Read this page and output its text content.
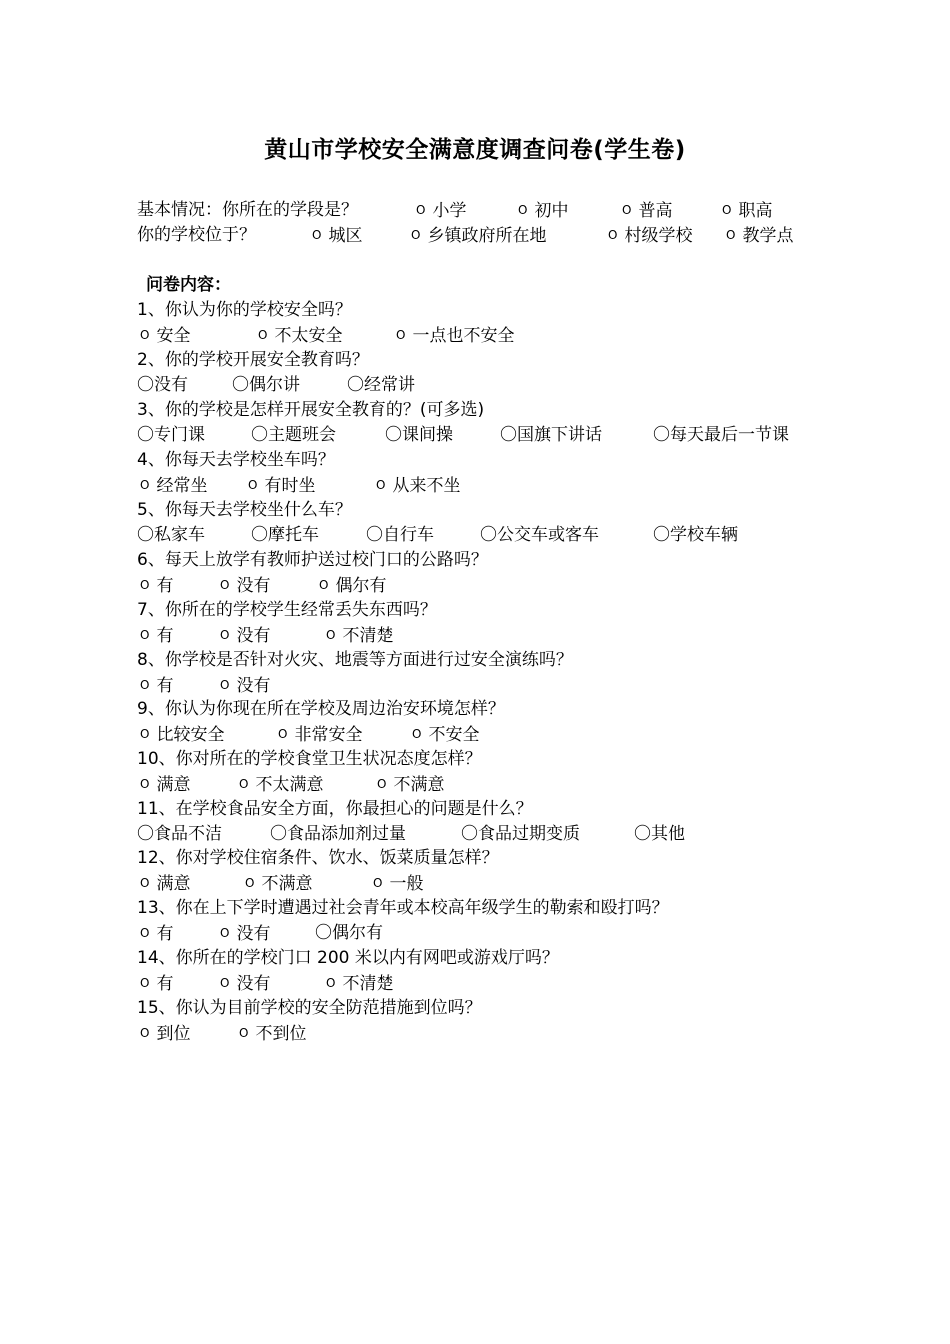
黄山市学校安全满意度调查问卷(学生卷)
基本情况：你所在的学段是？	O 小学	O 初中	O 普高	O 职高
你的学校位于？	O 城区	O 乡镇政府所在地	O 村级学校	O 教学点
问卷内容：
1、你认为你的学校安全吗？
O 安全	O 不太安全	O 一点也不安全
2、你的学校开展安全教育吗？
〇没有	〇偶尔讲	〇经常讲
3、你的学校是怎样开展安全教育的？(可多选)
〇专门课	〇主题班会	〇课间操	〇国旗下讲话	〇每天最后一节课
4、你每天去学校坐车吗？
O 经常坐	O 有时坐	O 从来不坐
5、你每天去学校坐什么车？
〇私家车	〇摩托车	〇自行车	〇公交车或客车	〇学校车辆
6、每天上放学有教师护送过校门口的公路吗？
O 有	O 没有	O 偶尔有
7、你所在的学校学生经常丢失东西吗？
O 有	O 没有	O 不清楚
8、你学校是否针对火灾、地震等方面进行过安全演练吗？
O 有	O 没有
9、你认为你现在所在学校及周边治安环境怎样？
O 比较安全	O 非常安全	O 不安全
10、你对所在的学校食堂卫生状况态度怎样？
O 满意	O 不太满意	O 不满意
11、在学校食品安全方面，你最担心的问题是什么？
〇食品不洁	〇食品添加剂过量	〇食品过期变质	〇其他
12、你对学校住宿条件、饮水、饭菜质量怎样？
O 满意	O 不满意	O 一般
13、你在上下学时遭遇过社会青年或本校高年级学生的勒索和殴打吗？
O 有	O 没有	〇偶尔有
14、你所在的学校门口 200 米以内有网吧或游戏厅吗？
O 有	O 没有	O 不清楚
15、你认为目前学校的安全防范措施到位吗？
O 到位	O 不到位
